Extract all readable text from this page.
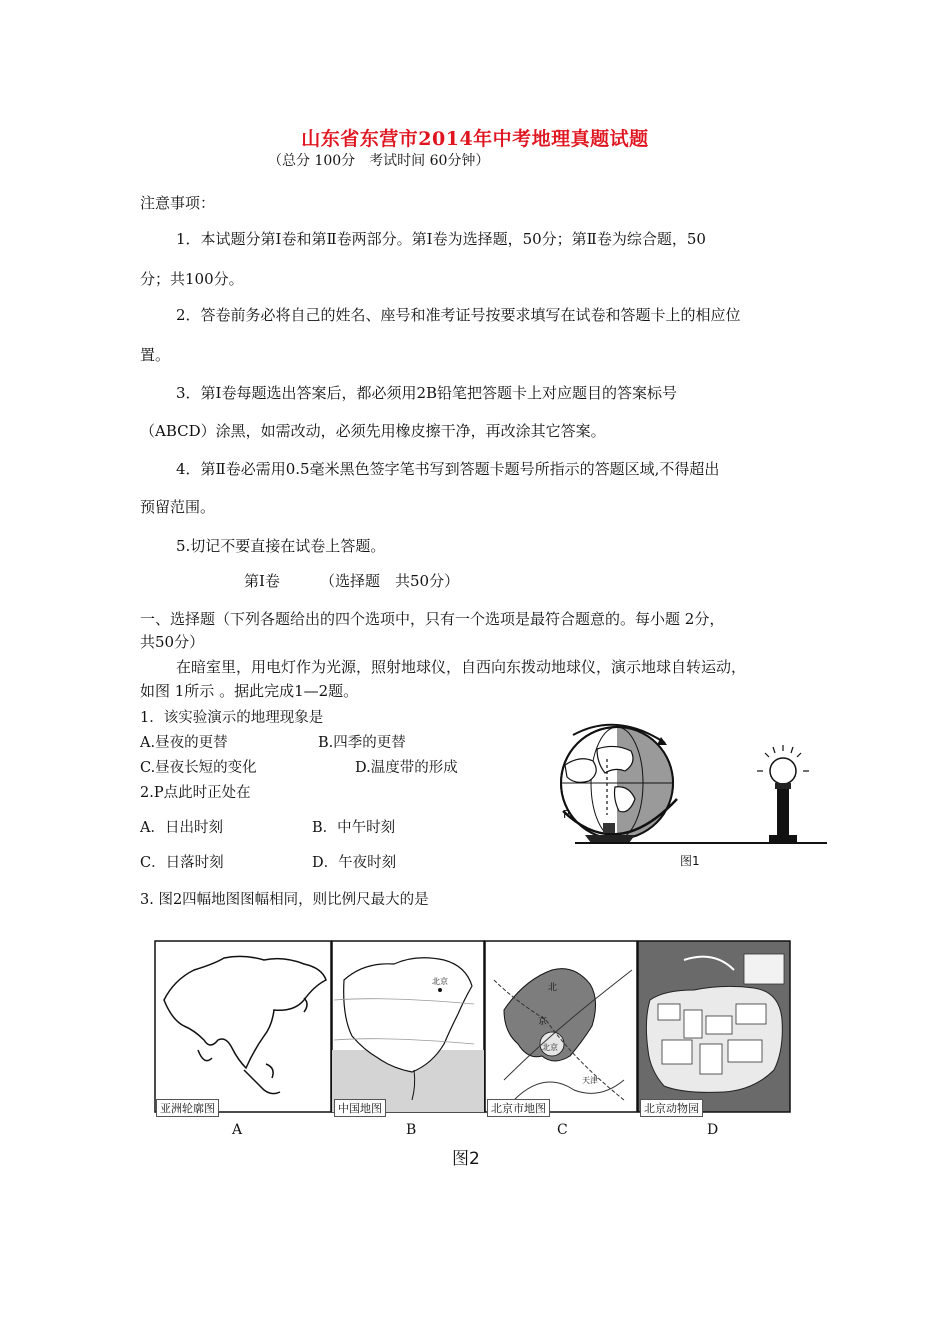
山东省东营市2014年中考地理真题试题
（总分 100分　考试时间 60分钟）
注意事项：
1．本试题分第Ⅰ卷和第Ⅱ卷两部分。第Ⅰ卷为选择题，50分；第Ⅱ卷为综合题，50
分；共100分。
2．答卷前务必将自己的姓名、座号和准考证号按要求填写在试卷和答题卡上的相应位
置。
3．第Ⅰ卷每题选出答案后，都必须用2B铅笔把答题卡上对应题目的答案标号
（ABCD）涂黑，如需改动，必须先用橡皮擦干净，再改涂其它答案。
4．第Ⅱ卷必需用0.5毫米黑色签字笔书写到答题卡题号所指示的答题区域,不得超出
预留范围。
5.切记不要直接在试卷上答题。
第Ⅰ卷	（选择题　共50分）
一、选择题（下列各题给出的四个选项中，只有一个选项是最符合题意的。每小题 2分，
共50分）
在暗室里，用电灯作为光源，照射地球仪，自西向东拨动地球仪，演示地球自转运动，
如图 1所示 。据此完成1—2题。
1．该实验演示的地理现象是
A.昼夜的更替	B.四季的更替
C.昼夜长短的变化	D.温度带的形成
2.P点此时正处在
A．日出时刻	B．中午时刻
C．日落时刻	D．午夜时刻
3. 图2四幅地图图幅相同，则比例尺最大的是
P
图1
北京
北
京
北京
天津
亚洲轮廓图	中国地图	北京市地图	北京动物园
A	B	C	D
图2
